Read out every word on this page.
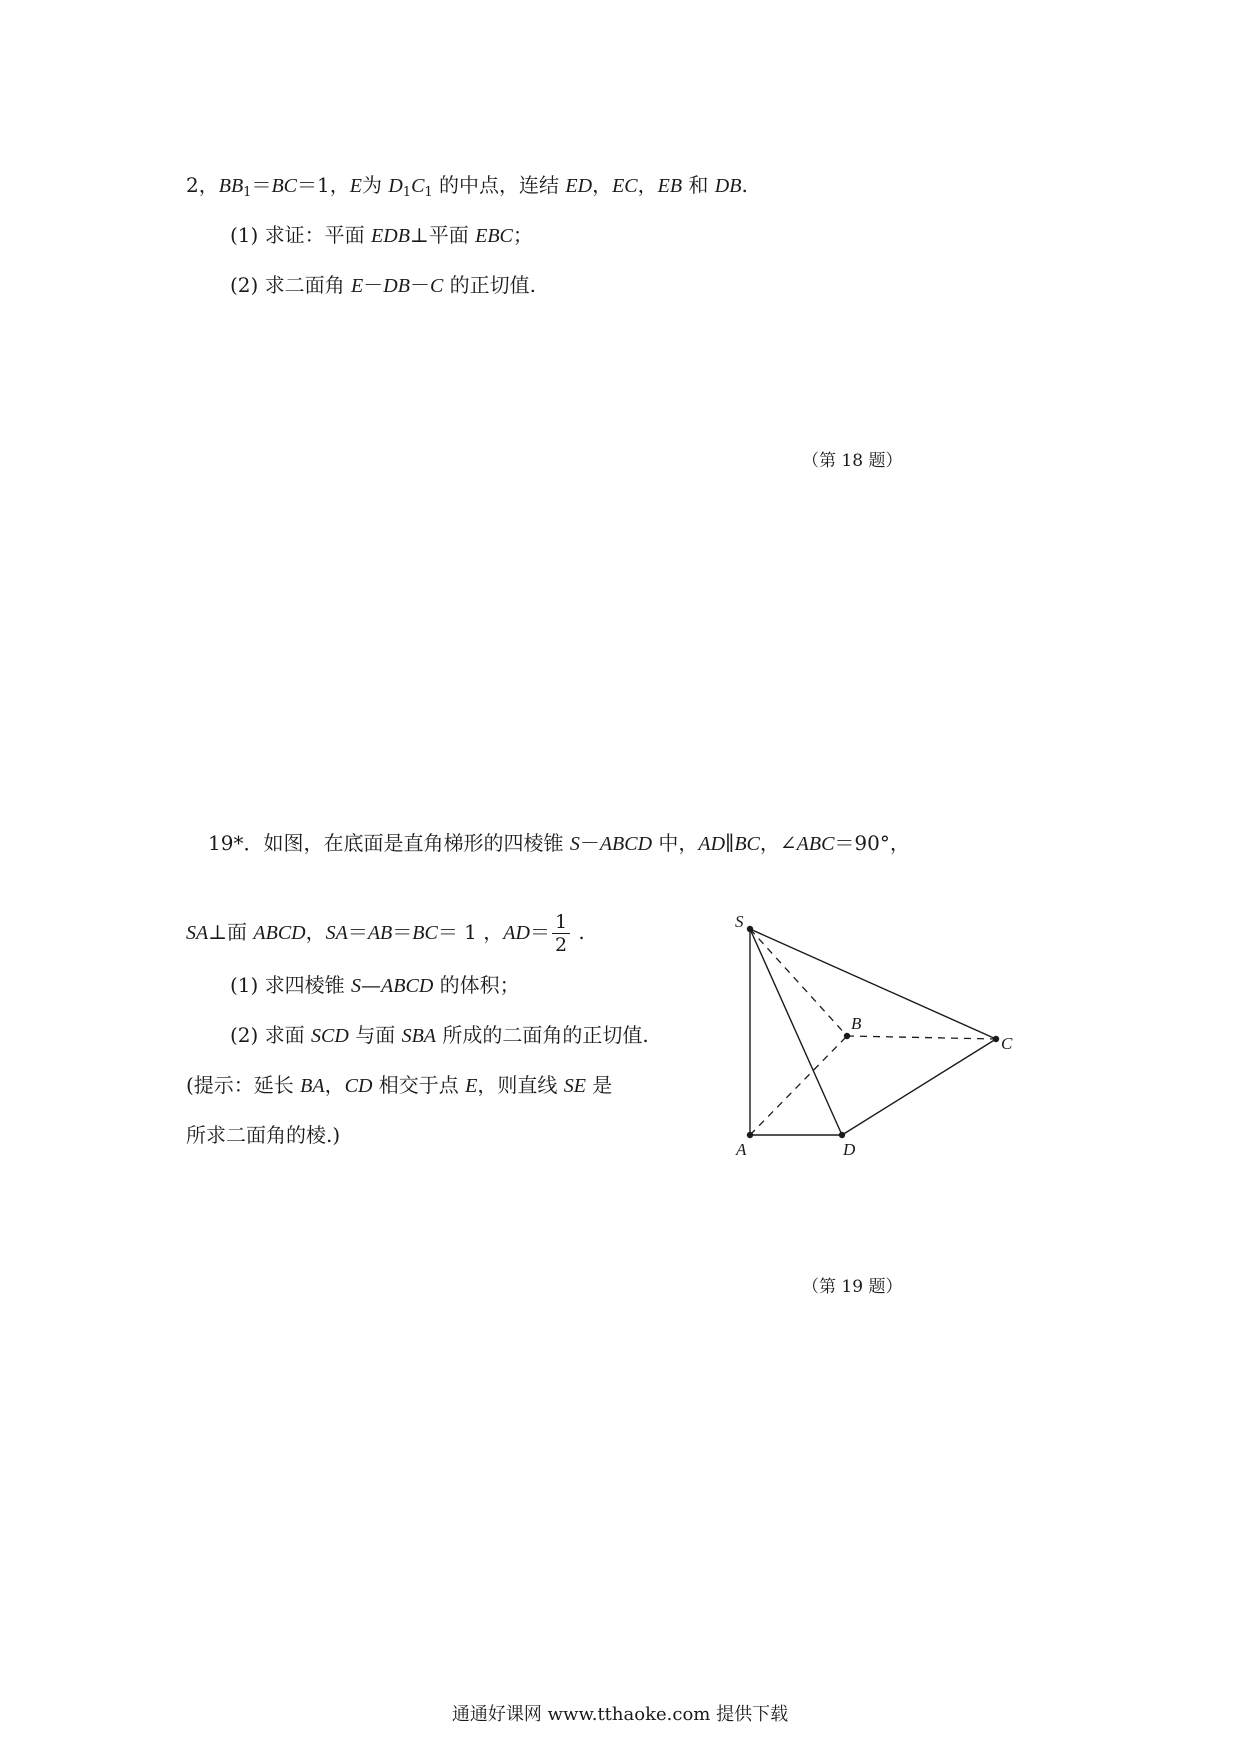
2，$BB_1=BC=1$，E为 $D_1C_1$ 的中点，连结 ED，EC，EB 和 DB.
(1) 求证：平面 EDB⊥平面 EBC；
(2) 求二面角 E－DB－C 的正切值.
（第 18 题）
19*．如图，在底面是直角梯形的四棱锥 S－ABCD 中，AD∥BC，∠ABC＝90°，
SA⊥面 ABCD，SA＝AB＝BC＝ 1 ，$AD= \frac{1}{2}$ .
(1) 求四棱锥 S—ABCD 的体积；
(2) 求面 SCD 与面 SBA 所成的二面角的正切值.
(提示：延长 BA，CD 相交于点 E，则直线 SE 是
所求二面角的棱.)
S
B
C
A	D
（第 19 题）
通通好课网 www.tthaoke.com 提供下载
